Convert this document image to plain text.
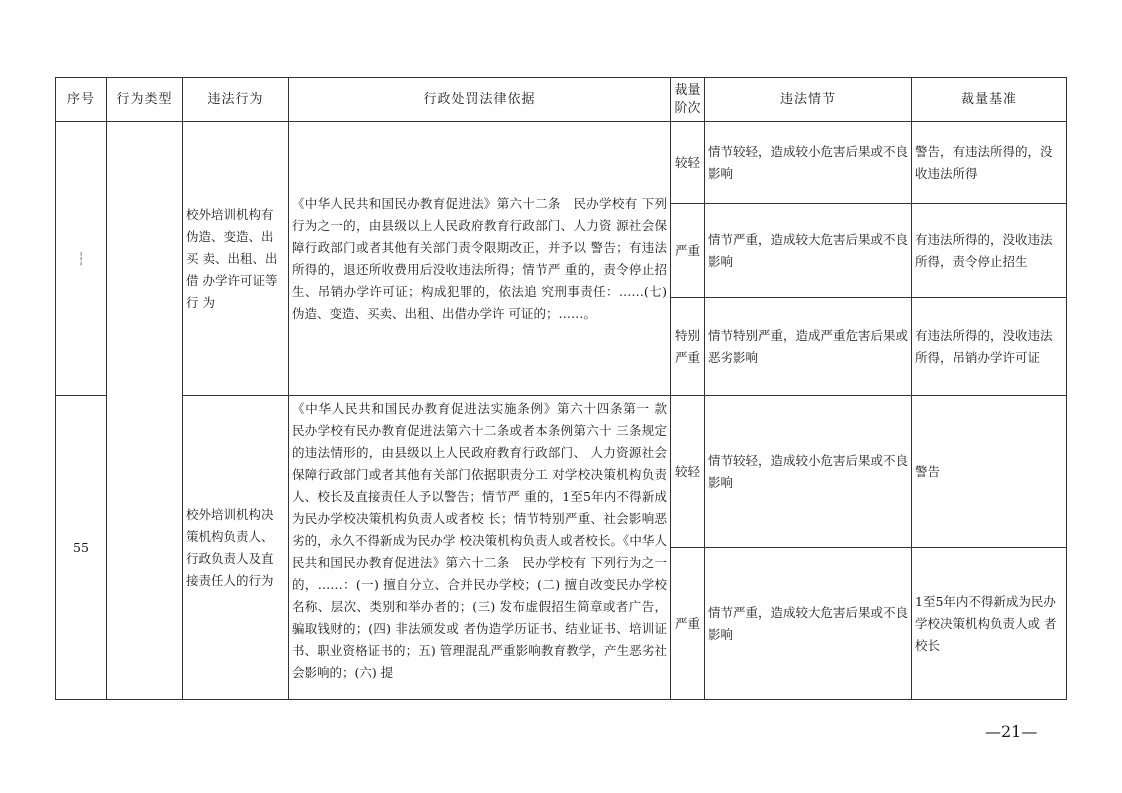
序号	行为类型	违法行为	行政处罚法律依据	裁量阶次	违法情节	裁量基准
┆		校外培训机构有 伪造、变造、出买 卖、出租、出借 办学许可证等行 为	《中华人民共和国民办教育促进法》第六十二条　民办学校有 下列行为之一的，由县级以上人民政府教育行政部门、人力资 源社会保障行政部门或者其他有关部门责令限期改正，并予以 警告；有违法所得的，退还所收费用后没收违法所得；情节严 重的，责令停止招生、吊销办学许可证；构成犯罪的，依法追 究刑事责任：……(七)伪造、变造、买卖、出租、出借办学许 可证的；……。	较轻	情节较轻，造成较小危害后果或不良影响	警告，有违法所得的，没收违法所得
				严重	情节严重，造成较大危害后果或不良影响	有违法所得的，没收违法所得，责令停止招生
				特别严重	情节特别严重，造成严重危害后果或恶劣影响	有违法所得的，没收违法所得，吊销办学许可证
55		校外培训机构决 策机构负责人、 行政负责人及直 接责任人的行为	《中华人民共和国民办教育促进法实施条例》第六十四条第一 款　民办学校有民办教育促进法第六十二条或者本条例第六十 三条规定的违法情形的，由县级以上人民政府教育行政部门、 人力资源社会保障行政部门或者其他有关部门依据职责分工 对学校决策机构负责人、校长及直接责任人予以警告；情节严 重的，1至5年内不得新成为民办学校决策机构负责人或者校 长；情节特别严重、社会影响恶劣的，永久不得新成为民办学 校决策机构负责人或者校长。《中华人民共和国民办教育促进法》第六十二条　民办学校有 下列行为之一的，……：(一) 擅自分立、合并民办学校；(二) 擅自改变民办学校名称、层次、类别和举办者的；(三) 发布虚假招生简章或者广告，骗取钱财的；(四) 非法颁发或 者伪造学历证书、结业证书、培训证书、职业资格证书的；五) 管理混乱严重影响教育教学，产生恶劣社会影响的；(六) 提	较轻	情节较轻，造成较小危害后果或不良影响	警告
				严重	情节严重，造成较大危害后果或不良影响	1至5年内不得新成为民办学校决策机构负责人或 者校长
—21—
